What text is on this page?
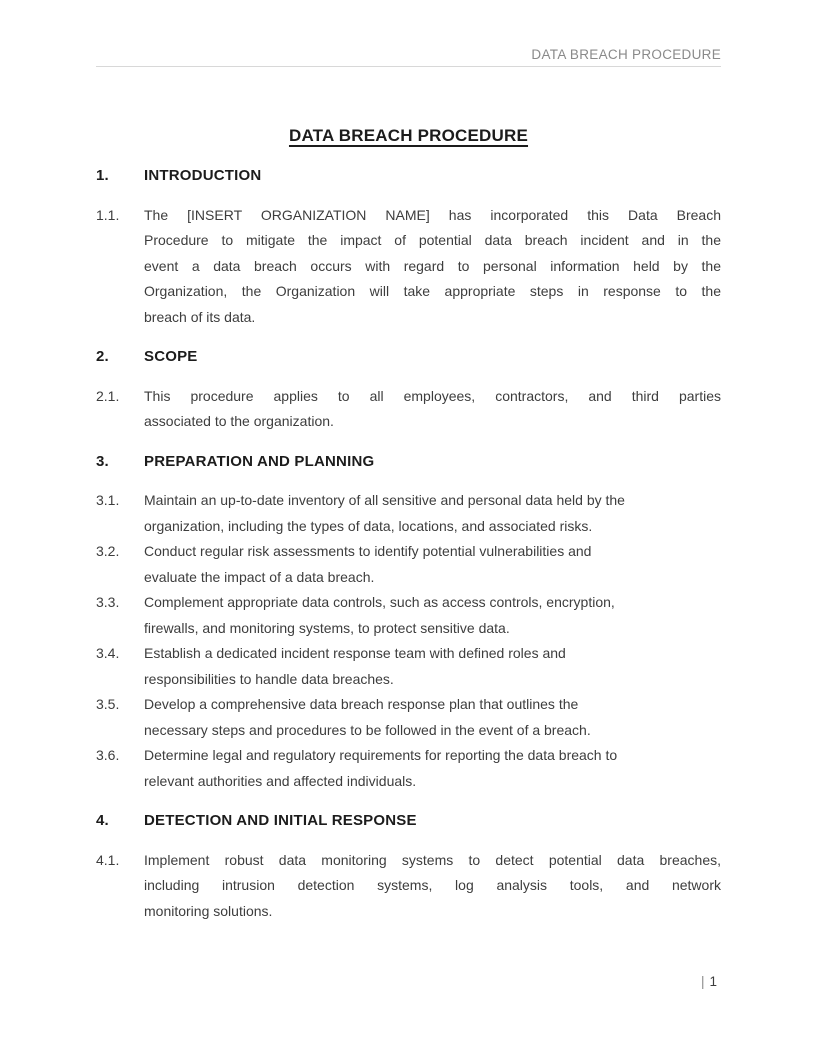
DATA BREACH PROCEDURE
DATA BREACH PROCEDURE
1. INTRODUCTION
1.1. The [INSERT ORGANIZATION NAME] has incorporated this Data Breach
Procedure to mitigate the impact of potential data breach incident and in the
event a data breach occurs with regard to personal information held by the
Organization, the Organization will take appropriate steps in response to the
breach of its data.
2. SCOPE
2.1. This procedure applies to all employees, contractors, and third parties
associated to the organization.
3. PREPARATION AND PLANNING
3.1. Maintain an up-to-date inventory of all sensitive and personal data held by the
organization, including the types of data, locations, and associated risks.
3.2. Conduct regular risk assessments to identify potential vulnerabilities and
evaluate the impact of a data breach.
3.3. Complement appropriate data controls, such as access controls, encryption,
firewalls, and monitoring systems, to protect sensitive data.
3.4. Establish a dedicated incident response team with defined roles and
responsibilities to handle data breaches.
3.5. Develop a comprehensive data breach response plan that outlines the
necessary steps and procedures to be followed in the event of a breach.
3.6. Determine legal and regulatory requirements for reporting the data breach to
relevant authorities and affected individuals.
4. DETECTION AND INITIAL RESPONSE
4.1. Implement robust data monitoring systems to detect potential data breaches,
including intrusion detection systems, log analysis tools, and network
monitoring solutions.
| 1
